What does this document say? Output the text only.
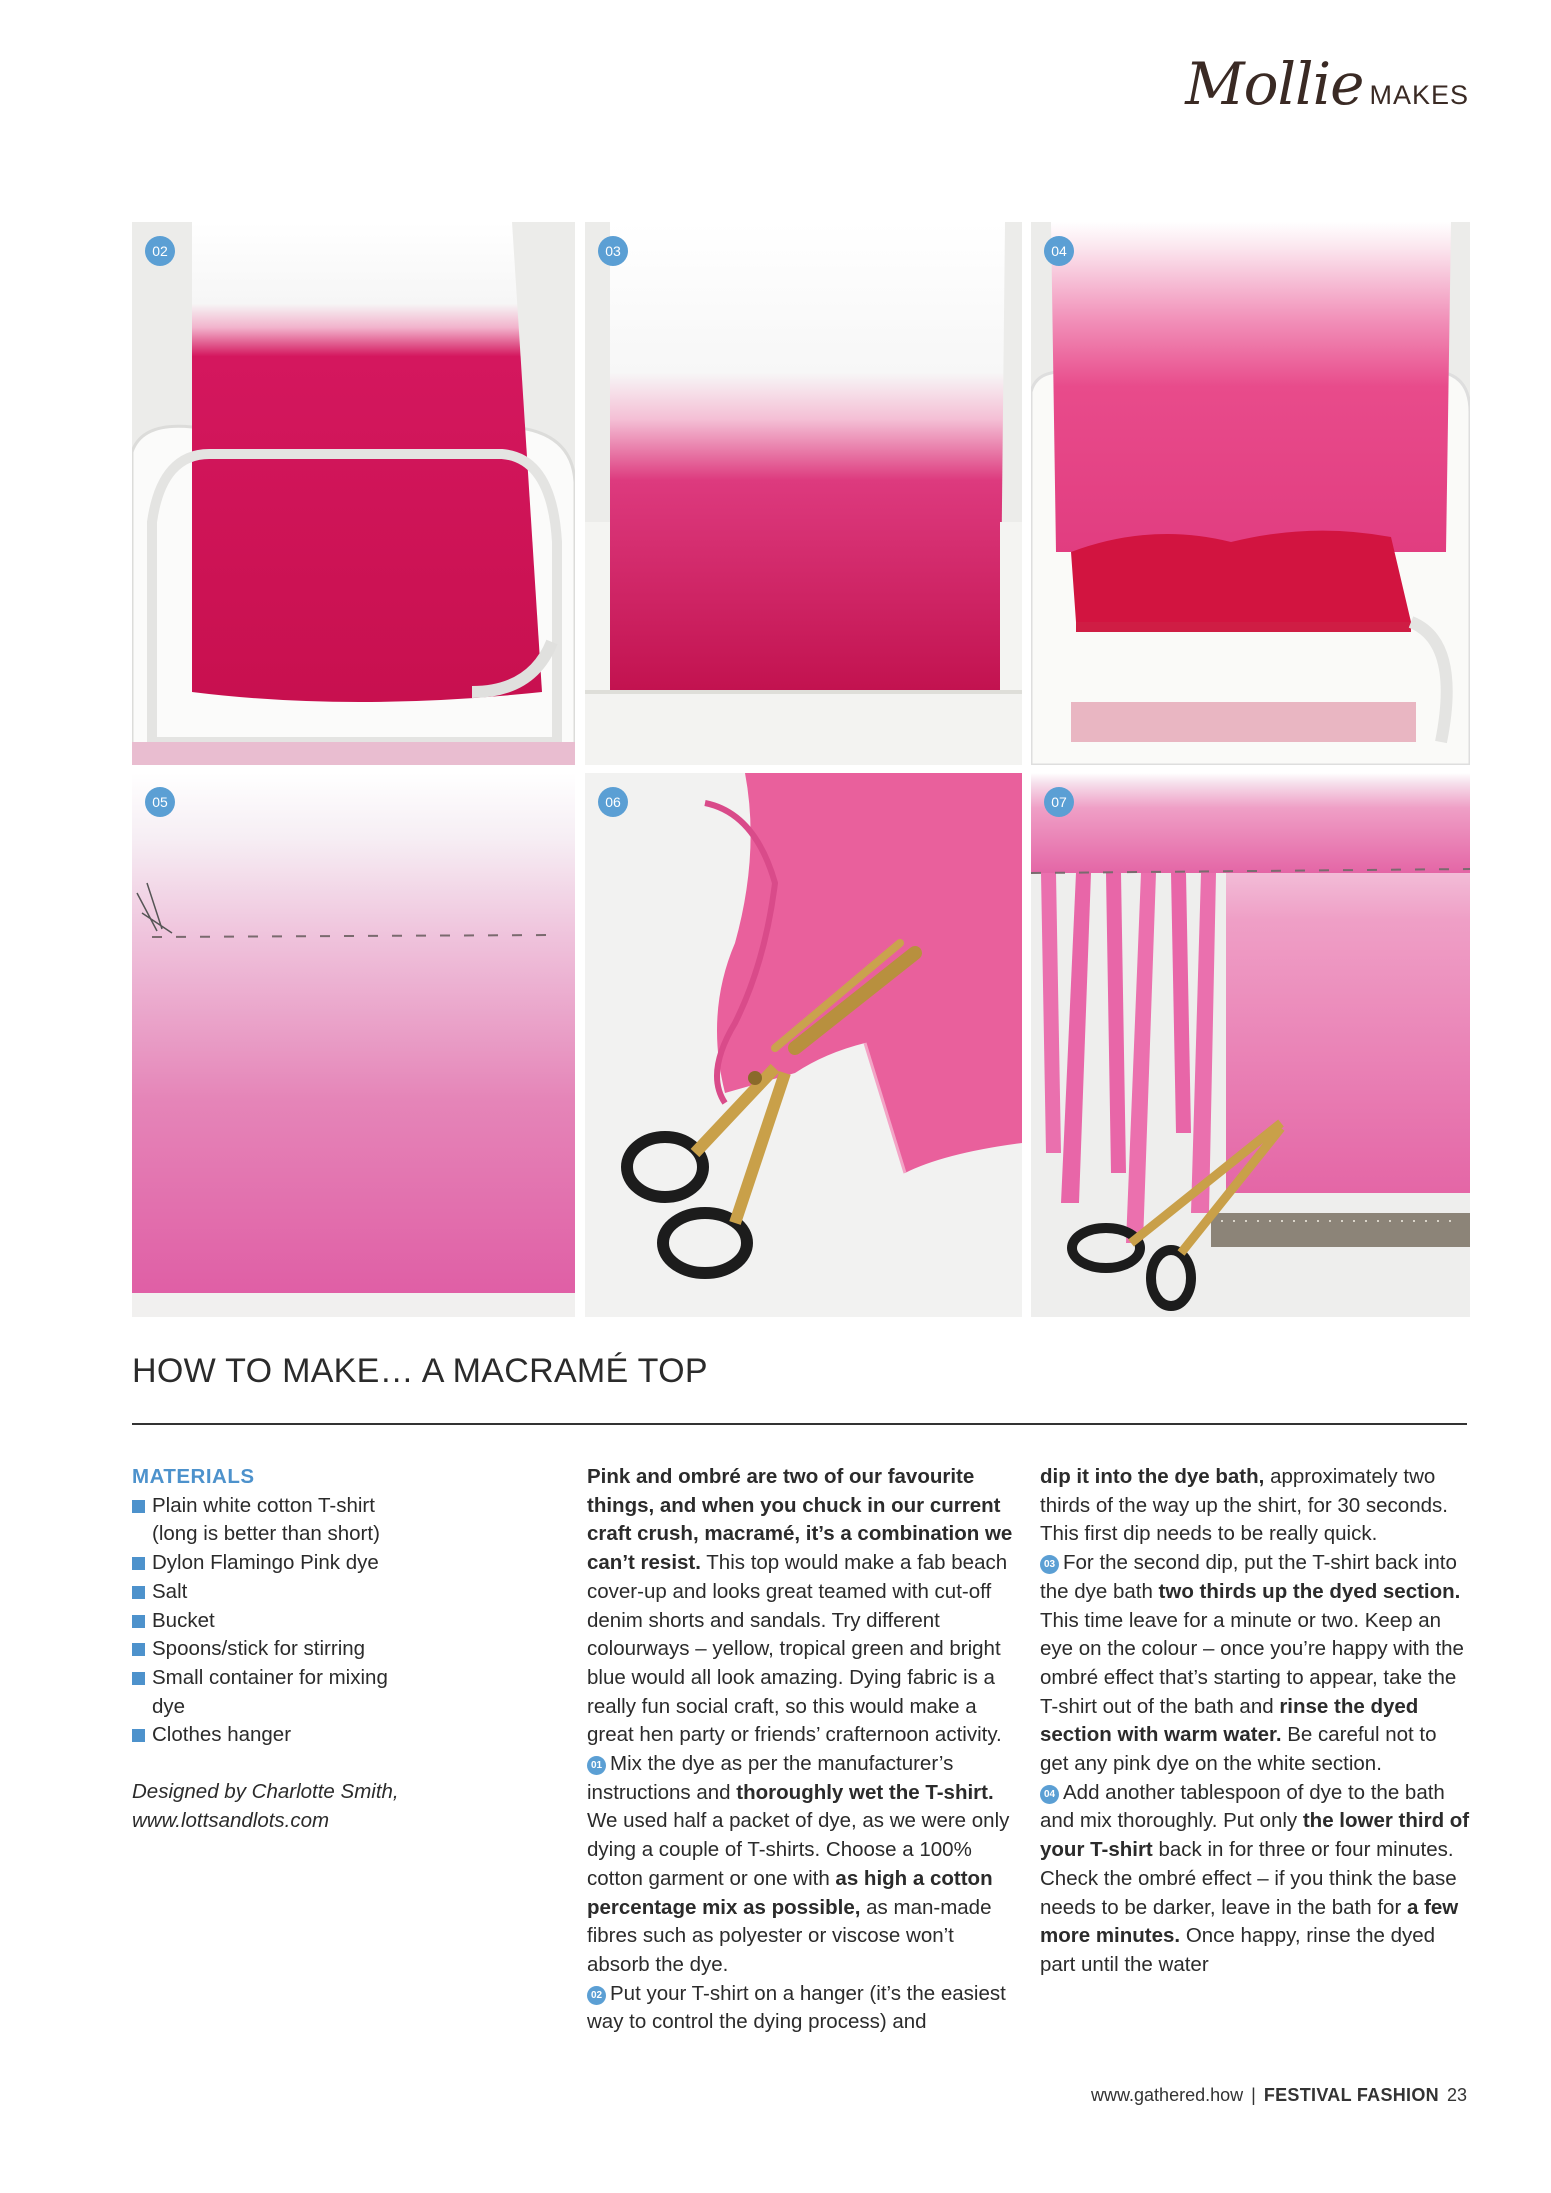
Mollie MAKES
02	03	04
05	06	07
HOW TO MAKE… A MACRAMÉ TOP
MATERIALS
Plain white cotton T-shirt (long is better than short)
Dylon Flamingo Pink dye
Salt
Bucket
Spoons/stick for stirring
Small container for mixing dye
Clothes hanger

Designed by Charlotte Smith, www.lottsandlots.com

Pink and ombré are two of our favourite things, and when you chuck in our current craft crush, macramé, it’s a combination we can’t resist. This top would make a fab beach cover-up and looks great teamed with cut-off denim shorts and sandals. Try different colourways – yellow, tropical green and bright blue would all look amazing. Dying fabric is a really fun social craft, so this would make a great hen party or friends’ crafternoon activity.

01 Mix the dye as per the manufacturer’s instructions and thoroughly wet the T-shirt. We used half a packet of dye, as we were only dying a couple of T-shirts. Choose a 100% cotton garment or one with as high a cotton percentage mix as possible, as man-made fibres such as polyester or viscose won’t absorb the dye.

02 Put your T-shirt on a hanger (it’s the easiest way to control the dying process) and

dip it into the dye bath, approximately two thirds of the way up the shirt, for 30 seconds. This first dip needs to be really quick.

03 For the second dip, put the T-shirt back into the dye bath two thirds up the dyed section. This time leave for a minute or two. Keep an eye on the colour – once you’re happy with the ombré effect that’s starting to appear, take the T-shirt out of the bath and rinse the dyed section with warm water. Be careful not to get any pink dye on the white section.

04 Add another tablespoon of dye to the bath and mix thoroughly. Put only the lower third of your T-shirt back in for three or four minutes. Check the ombré effect – if you think the base needs to be darker, leave in the bath for a few more minutes. Once happy, rinse the dyed part until the water

www.gathered.how | FESTIVAL FASHION 23
